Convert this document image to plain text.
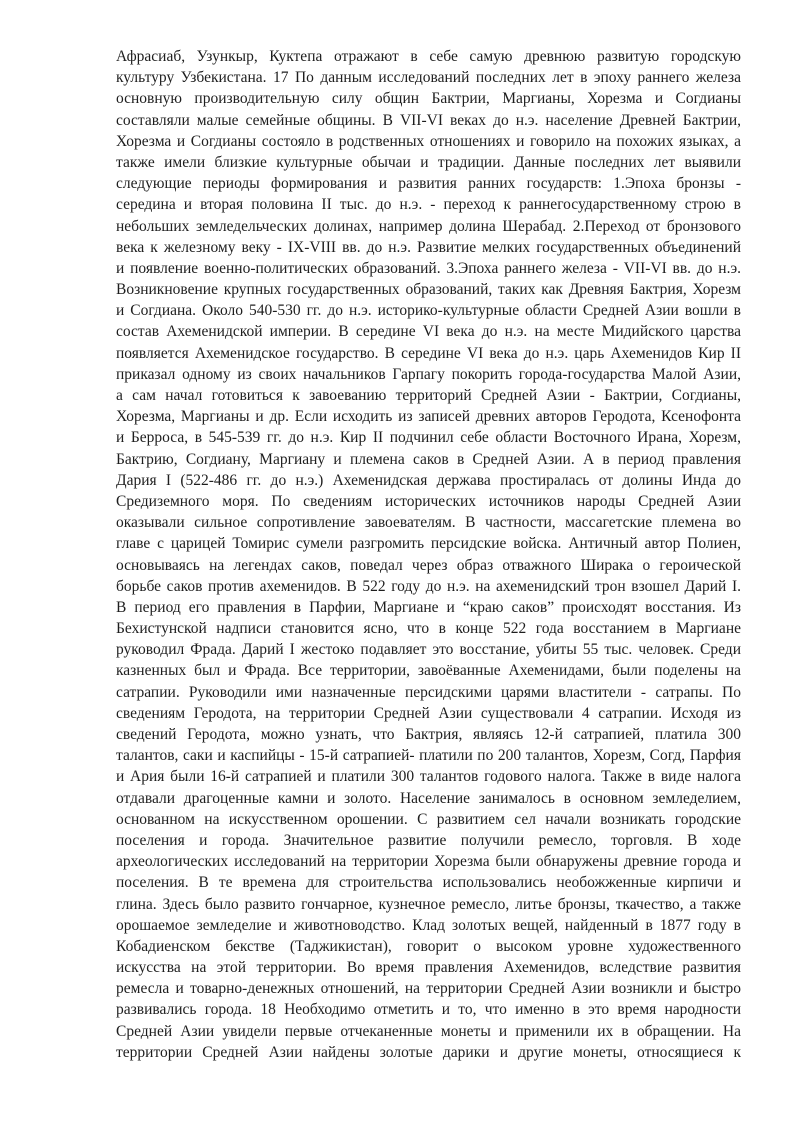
Афрасиаб, Узункыр, Куктепа отражают в себе самую древнюю развитую городскую
культуру Узбекистана. 17 По данным исследований последних лет в эпоху раннего железа
основную производительную силу общин Бактрии, Маргианы, Хорезма и Согдианы
составляли малые семейные общины. В VII-VI веках до н.э. население Древней Бактрии,
Хорезма и Согдианы состояло в родственных отношениях и говорило на похожих языках, а
также имели близкие культурные обычаи и традиции. Данные последних лет выявили
следующие периоды формирования и развития ранних государств: 1.Эпоха бронзы -
середина и вторая половина II тыс. до н.э. - переход к раннегосударственному строю в
небольших земледельческих долинах, например долина Шерабад. 2.Переход от бронзового
века к железному веку - IX-VIII вв. до н.э. Развитие мелких государственных объединений
и появление военно-политических образований. 3.Эпоха раннего железа - VII-VI вв. до н.э.
Возникновение крупных государственных образований, таких как Древняя Бактрия, Хорезм
и Согдиана. Около 540-530 гг. до н.э. историко-культурные области Средней Азии вошли в
состав Ахеменидской империи. В середине VI века до н.э. на месте Мидийского царства
появляется Ахеменидское государство. В середине VI века до н.э. царь Ахеменидов Кир II
приказал одному из своих начальников Гарпагу покорить города-государства Малой Азии,
а сам начал готовиться к завоеванию территорий Средней Азии - Бактрии, Согдианы,
Хорезма, Маргианы и др. Если исходить из записей древних авторов Геродота, Ксенофонта
и Берроса, в 545-539 гг. до н.э. Кир II подчинил себе области Восточного Ирана, Хорезм,
Бактрию, Согдиану, Маргиану и племена саков в Средней Азии. А в период правления
Дария I (522-486 гг. до н.э.) Ахеменидская держава простиралась от долины Инда до
Средиземного моря. По сведениям исторических источников народы Средней Азии
оказывали сильное сопротивление завоевателям. В частности, массагетские племена во
главе с царицей Томирис сумели разгромить персидские войска. Античный автор Полиен,
основываясь на легендах саков, поведал через образ отважного Ширака о героической
борьбе саков против ахеменидов. В 522 году до н.э. на ахеменидский трон взошел Дарий I.
В период его правления в Парфии, Маргиане и “краю саков” происходят восстания. Из
Бехистунской надписи становится ясно, что в конце 522 года восстанием в Маргиане
руководил Фрада. Дарий I жестоко подавляет это восстание, убиты 55 тыс. человек. Среди
казненных был и Фрада. Все территории, завоёванные Ахеменидами, были поделены на
сатрапии. Руководили ими назначенные персидскими царями властители - сатрапы. По
сведениям Геродота, на территории Средней Азии существовали 4 сатрапии. Исходя из
сведений Геродота, можно узнать, что Бактрия, являясь 12-й сатрапией, платила 300
талантов, саки и каспийцы - 15-й сатрапией- платили по 200 талантов, Хорезм, Согд, Парфия
и Ария были 16-й сатрапией и платили 300 талантов годового налога. Также в виде налога
отдавали драгоценные камни и золото. Население занималось в основном земледелием,
основанном на искусственном орошении. С развитием сел начали возникать городские
поселения и города. Значительное развитие получили ремесло, торговля. В ходе
археологических исследований на территории Хорезма были обнаружены древние города и
поселения. В те времена для строительства использовались необожженные кирпичи и
глина. Здесь было развито гончарное, кузнечное ремесло, литье бронзы, ткачество, а также
орошаемое земледелие и животноводство. Клад золотых вещей, найденный в 1877 году в
Кобадиенском бекстве (Таджикистан), говорит о высоком уровне художественного
искусства на этой территории. Во время правления Ахеменидов, вследствие развития
ремесла и товарно-денежных отношений, на территории Средней Азии возникли и быстро
развивались города. 18 Необходимо отметить и то, что именно в это время народности
Средней Азии увидели первые отчеканенные монеты и применили их в обращении. На
территории Средней Азии найдены золотые дарики и другие монеты, относящиеся к
